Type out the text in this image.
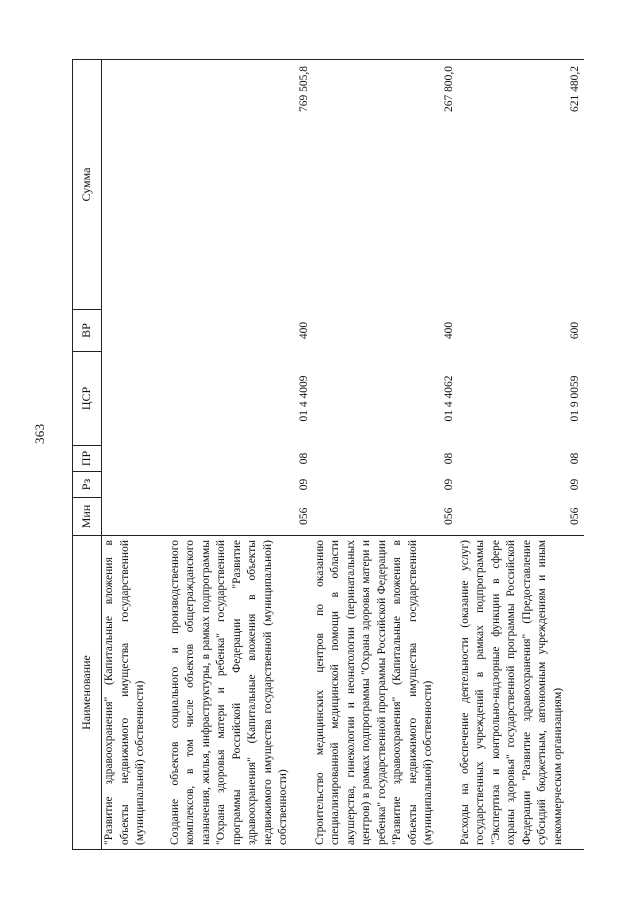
363
Наименование	Мин	Рз	ПР	ЦСР	ВР	Сумма
"Развитие здравоохранения" (Капитальные вложения в объекты недвижимого имущества государственной (муниципальной) собственности)						
Создание объектов социального и производственного комплексов, в том числе объектов общегражданского назначения, жилья, инфраструктуры, в рамках подпрограммы "Охрана здоровья матери и ребенка" государственной программы Российской Федерации "Развитие здравоохранения" (Капитальные вложения в объекты недвижимого имущества государственной (муниципальной) собственности)	056	09	08	01 4 4009	400	769 505,8
Строительство медицинских центров по оказанию специализированной медицинской помощи в области акушерства, гинекологии и неонатологии (перинатальных центров) в рамках подпрограммы "Охрана здоровья матери и ребенка" государственной программы Российской Федерации "Развитие здравоохранения" (Капитальные вложения в объекты недвижимого имущества государственной (муниципальной) собственности)	056	09	08	01 4 4062	400	267 800,0
Расходы на обеспечение деятельности (оказание услуг) государственных учреждений в рамках подпрограммы "Экспертиза и контрольно-надзорные функции в сфере охраны здоровья" государственной программы Российской Федерации "Развитие здравоохранения" (Предоставление субсидий бюджетным, автономным учреждениям и иным некоммерческим организациям)	056	09	08	01 9 0059	600	621 480,2
